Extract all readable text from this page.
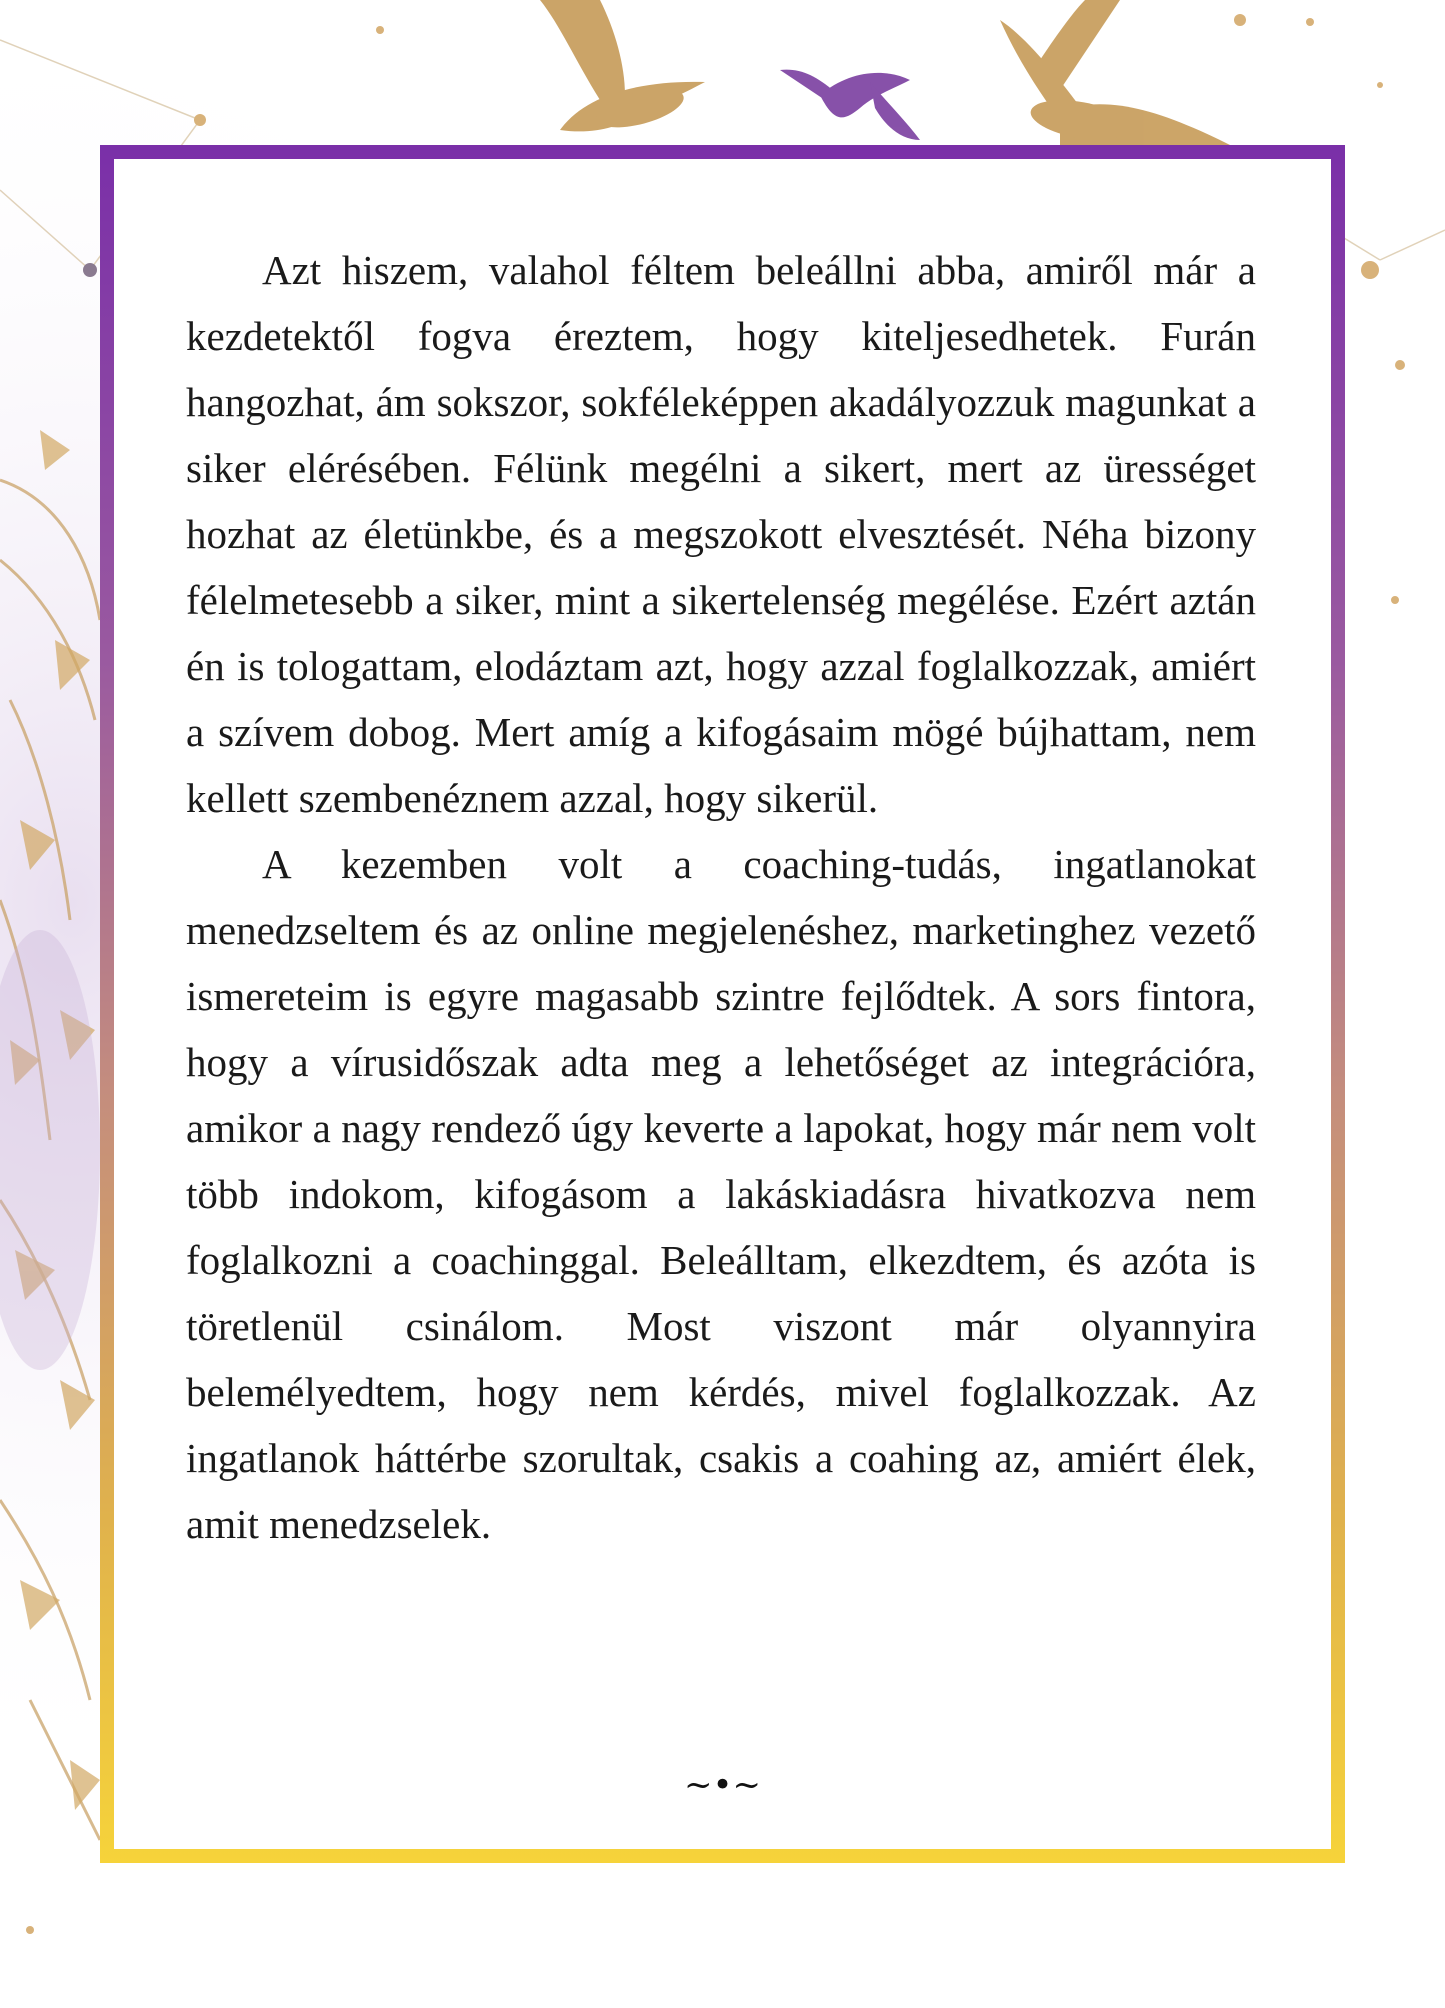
Azt hiszem, valahol féltem beleállni abba, amiről már a kezdetektől fogva éreztem, hogy kiteljesedhetek. Furán hangozhat, ám sokszor, sokféleképpen akadályozzuk magunkat a siker elérésében. Félünk megélni a sikert, mert az ürességet hozhat az életünkbe, és a megszokott elvesztését. Néha bizony félelmetesebb a siker, mint a sikertelenség megélése. Ezért aztán én is tologattam, elodáztam azt, hogy azzal foglalkozzak, amiért a szívem dobog. Mert amíg a kifogásaim mögé bújhattam, nem kellett szembenéznem azzal, hogy sikerül.

A kezemben volt a coaching-tudás, ingatlanokat menedzseltem és az online megjelenéshez, marketinghez vezető ismereteim is egyre magasabb szintre fejlődtek. A sors fintora, hogy a vírusidőszak adta meg a lehetőséget az integrációra, amikor a nagy rendező úgy keverte a lapokat, hogy már nem volt több indokom, kifogásom a lakáskiadásra hivatkozva nem foglalkozni a coachinggal. Beleálltam, elkezdtem, és azóta is töretlenül csinálom. Most viszont már olyannyira belemélyedtem, hogy nem kérdés, mivel foglalkozzak. Az ingatlanok háttérbe szorultak, csakis a coahing az, amiért élek, amit menedzselek.

~•~
